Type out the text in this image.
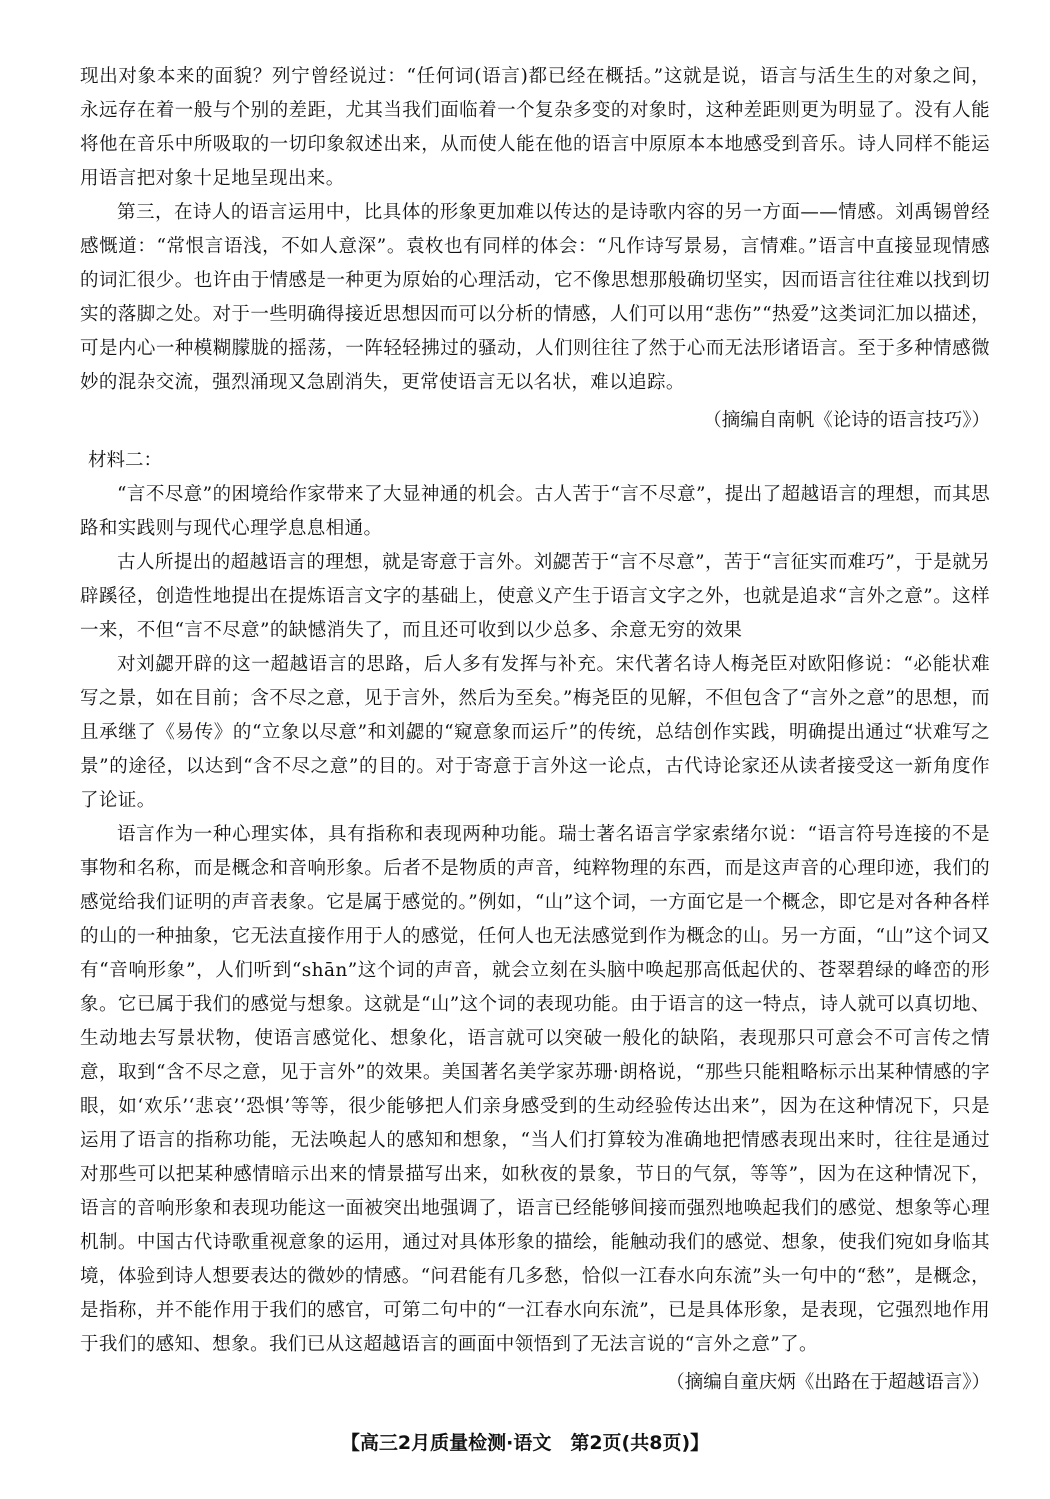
现出对象本来的面貌？列宁曾经说过：“任何词(语言)都已经在概括。”这就是说，语言与活生生的对象之间，永远存在着一般与个别的差距，尤其当我们面临着一个复杂多变的对象时，这种差距则更为明显了。没有人能将他在音乐中所吸取的一切印象叙述出来，从而使人能在他的语言中原原本本地感受到音乐。诗人同样不能运用语言把对象十足地呈现出来。

第三，在诗人的语言运用中，比具体的形象更加难以传达的是诗歌内容的另一方面——情感。刘禹锡曾经感慨道：“常恨言语浅，不如人意深”。袁枚也有同样的体会：“凡作诗写景易，言情难。”语言中直接显现情感的词汇很少。也许由于情感是一种更为原始的心理活动，它不像思想那般确切坚实，因而语言往往难以找到切实的落脚之处。对于一些明确得接近思想因而可以分析的情感，人们可以用“悲伤”“热爱”这类词汇加以描述，可是内心一种模糊朦胧的摇荡，一阵轻轻拂过的骚动，人们则往往了然于心而无法形诸语言。至于多种情感微妙的混杂交流，强烈涌现又急剧消失，更常使语言无以名状，难以追踪。

（摘编自南帆《论诗的语言技巧》）

材料二：

“言不尽意”的困境给作家带来了大显神通的机会。古人苦于“言不尽意”，提出了超越语言的理想，而其思路和实践则与现代心理学息息相通。

古人所提出的超越语言的理想，就是寄意于言外。刘勰苦于“言不尽意”，苦于“言征实而难巧”，于是就另辟蹊径，创造性地提出在提炼语言文字的基础上，使意义产生于语言文字之外，也就是追求“言外之意”。这样一来，不但“言不尽意”的缺憾消失了，而且还可收到以少总多、余意无穷的效果

对刘勰开辟的这一超越语言的思路，后人多有发挥与补充。宋代著名诗人梅尧臣对欧阳修说：“必能状难写之景，如在目前；含不尽之意，见于言外，然后为至矣。”梅尧臣的见解，不但包含了“言外之意”的思想，而且承继了《易传》的“立象以尽意”和刘勰的“窥意象而运斤”的传统，总结创作实践，明确提出通过“状难写之景”的途径，以达到“含不尽之意”的目的。对于寄意于言外这一论点，古代诗论家还从读者接受这一新角度作了论证。

语言作为一种心理实体，具有指称和表现两种功能。瑞士著名语言学家索绪尔说：“语言符号连接的不是事物和名称，而是概念和音响形象。后者不是物质的声音，纯粹物理的东西，而是这声音的心理印迹，我们的感觉给我们证明的声音表象。它是属于感觉的。”例如，“山”这个词，一方面它是一个概念，即它是对各种各样的山的一种抽象，它无法直接作用于人的感觉，任何人也无法感觉到作为概念的山。另一方面，“山”这个词又有“音响形象”，人们听到“shān”这个词的声音，就会立刻在头脑中唤起那高低起伏的、苍翠碧绿的峰峦的形象。它已属于我们的感觉与想象。这就是“山”这个词的表现功能。由于语言的这一特点，诗人就可以真切地、生动地去写景状物，使语言感觉化、想象化，语言就可以突破一般化的缺陷，表现那只可意会不可言传之情意，取到“含不尽之意，见于言外”的效果。美国著名美学家苏珊·朗格说，“那些只能粗略标示出某种情感的字眼，如‘欢乐’‘悲哀’‘恐惧’等等，很少能够把人们亲身感受到的生动经验传达出来”，因为在这种情况下，只是运用了语言的指称功能，无法唤起人的感知和想象，“当人们打算较为准确地把情感表现出来时，往往是通过对那些可以把某种感情暗示出来的情景描写出来，如秋夜的景象，节日的气氛，等等”，因为在这种情况下，语言的音响形象和表现功能这一面被突出地强调了，语言已经能够间接而强烈地唤起我们的感觉、想象等心理机制。中国古代诗歌重视意象的运用，通过对具体形象的描绘，能触动我们的感觉、想象，使我们宛如身临其境，体验到诗人想要表达的微妙的情感。“问君能有几多愁，恰似一江春水向东流”头一句中的“愁”，是概念，是指称，并不能作用于我们的感官，可第二句中的“一江春水向东流”，已是具体形象，是表现，它强烈地作用于我们的感知、想象。我们已从这超越语言的画面中领悟到了无法言说的“言外之意”了。

（摘编自童庆炳《出路在于超越语言》）

【高三2月质量检测·语文　第2页(共8页)】
